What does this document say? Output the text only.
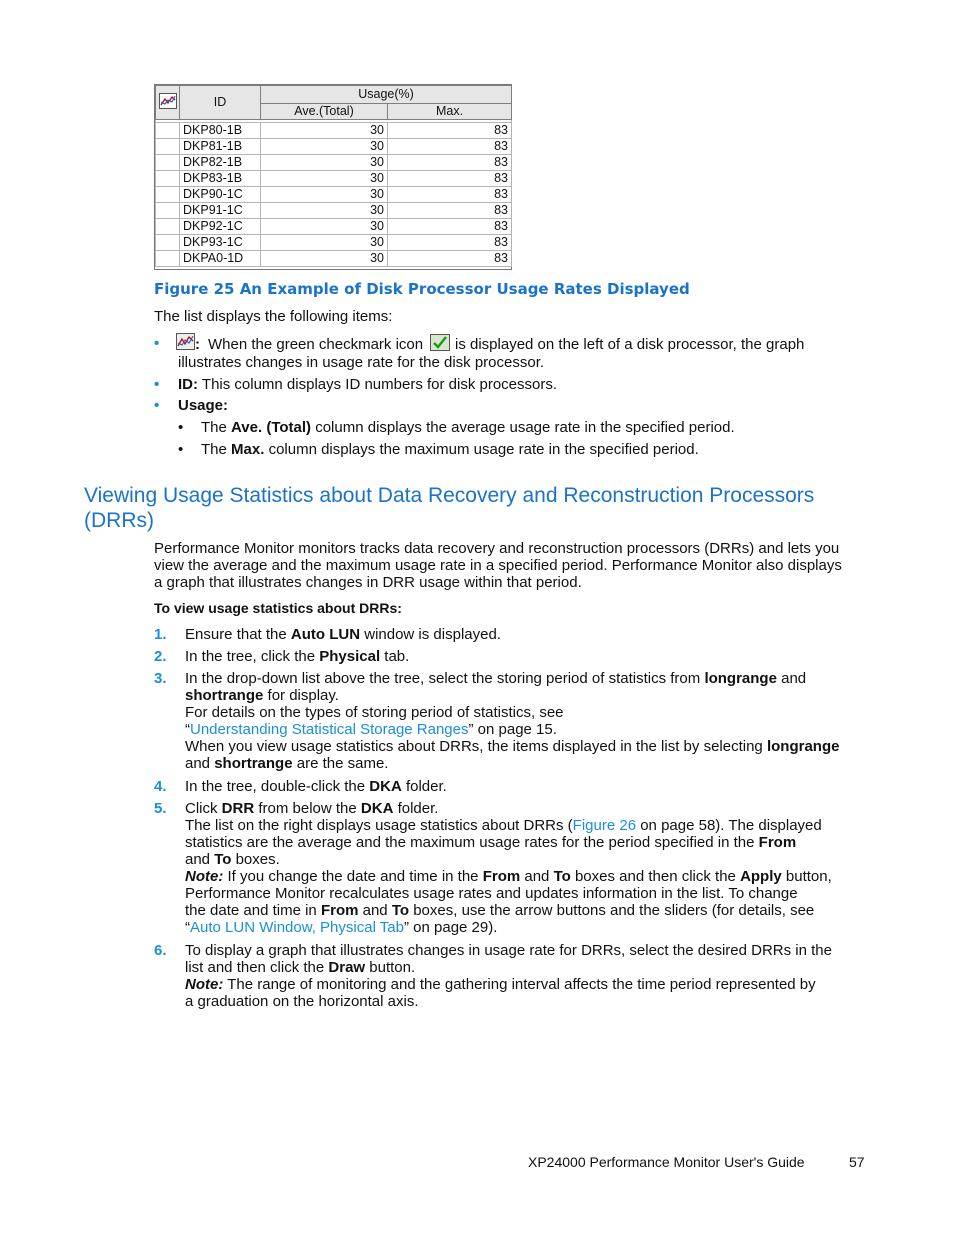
	ID	Usage(%)	
		Ave.(Total)	Max.

	DKP80-1B	30	83
	DKP81-1B	30	83
	DKP82-1B	30	83
	DKP83-1B	30	83
	DKP90-1C	30	83
	DKP91-1C	30	83
	DKP92-1C	30	83
	DKP93-1C	30	83
	DKPA0-1D	30	83
Figure 25 An Example of Disk Processor Usage Rates Displayed
The list displays the following items:
• : When the green checkmark icon is displayed on the left of a disk processor, the graph
illustrates changes in usage rate for the disk processor.
• ID: This column displays ID numbers for disk processors.
• Usage:
• The Ave. (Total) column displays the average usage rate in the specified period.
• The Max. column displays the maximum usage rate in the specified period.
Viewing Usage Statistics about Data Recovery and Reconstruction Processors (DRRs)
Performance Monitor monitors tracks data recovery and reconstruction processors (DRRs) and lets you
view the average and the maximum usage rate in a specified period. Performance Monitor also displays
a graph that illustrates changes in DRR usage within that period.
To view usage statistics about DRRs:
1. Ensure that the Auto LUN window is displayed.
2. In the tree, click the Physical tab.
3. In the drop-down list above the tree, select the storing period of statistics from longrange and
shortrange for display.
For details on the types of storing period of statistics, see
“Understanding Statistical Storage Ranges” on page 15.
When you view usage statistics about DRRs, the items displayed in the list by selecting longrange
and shortrange are the same.
4. In the tree, double-click the DKA folder.
5. Click DRR from below the DKA folder.
The list on the right displays usage statistics about DRRs (Figure 26 on page 58). The displayed
statistics are the average and the maximum usage rates for the period specified in the From
and To boxes.
Note: If you change the date and time in the From and To boxes and then click the Apply button,
Performance Monitor recalculates usage rates and updates information in the list. To change
the date and time in From and To boxes, use the arrow buttons and the sliders (for details, see
“Auto LUN Window, Physical Tab” on page 29).
6. To display a graph that illustrates changes in usage rate for DRRs, select the desired DRRs in the
list and then click the Draw button.
Note: The range of monitoring and the gathering interval affects the time period represented by
a graduation on the horizontal axis.
XP24000 Performance Monitor User's Guide	57
